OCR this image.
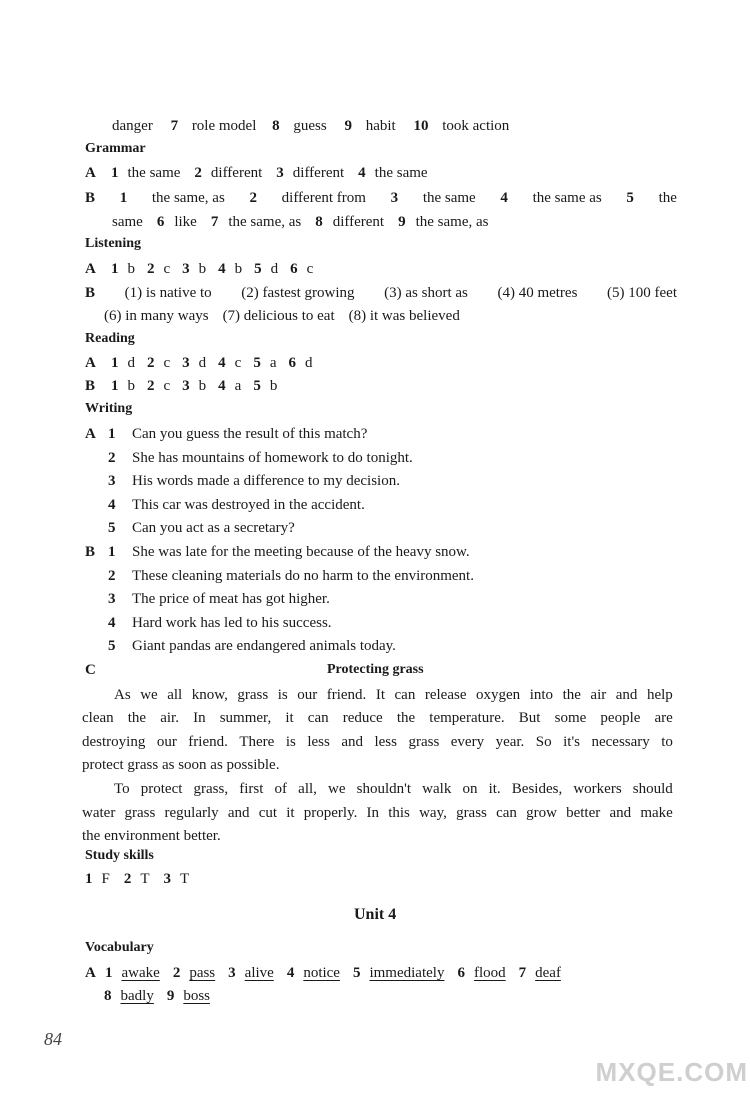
danger 7 role model 8 guess 9 habit 10 took action
Grammar
A 1 the same 2 different 3 different 4 the same
B 1 the same, as 2 different from 3 the same 4 the same as 5 the
same 6 like 7 the same, as 8 different 9 the same, as
Listening
A 1 b 2 c 3 b 4 b 5 d 6 c
B (1) is native to (2) fastest growing (3) as short as (4) 40 metres (5) 100 feet
(6) in many ways (7) delicious to eat (8) it was believed
Reading
A 1 d 2 c 3 d 4 c 5 a 6 d
B 1 b 2 c 3 b 4 a 5 b
Writing
A 1 Can you guess the result of this match?
2 She has mountains of homework to do tonight.
3 His words made a difference to my decision.
4 This car was destroyed in the accident.
5 Can you act as a secretary?
B 1 She was late for the meeting because of the heavy snow.
2 These cleaning materials do no harm to the environment.
3 The price of meat has got higher.
4 Hard work has led to his success.
5 Giant pandas are endangered animals today.
C	Protecting grass
As we all know, grass is our friend. It can release oxygen into the air and help
clean the air. In summer, it can reduce the temperature. But some people are
destroying our friend. There is less and less grass every year. So it's necessary to
protect grass as soon as possible.
To protect grass, first of all, we shouldn't walk on it. Besides, workers should
water grass regularly and cut it properly. In this way, grass can grow better and make
the environment better.
Study skills
1 F 2 T 3 T
Unit 4
Vocabulary
A 1 awake 2 pass 3 alive 4 notice 5 immediately 6 flood 7 deaf
8 badly 9 boss
84
MXQE.COM
